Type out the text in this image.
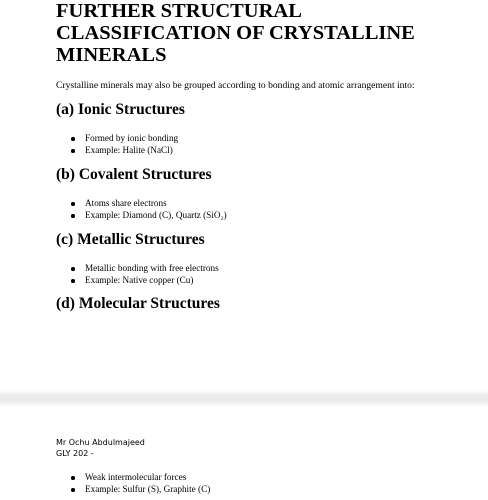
FURTHER STRUCTURAL CLASSIFICATION OF CRYSTALLINE MINERALS

Crystalline minerals may also be grouped according to bonding and atomic arrangement into:

(a) Ionic Structures
Formed by ionic bonding
Example: Halite (NaCl)
(b) Covalent Structures
Atoms share electrons
Example: Diamond (C), Quartz (SiO₂)
(c) Metallic Structures
Metallic bonding with free electrons
Example: Native copper (Cu)
(d) Molecular Structures
Mr Ochu Abdulmajeed
GLY 202 -
Weak intermolecular forces
Example: Sulfur (S), Graphite (C)
